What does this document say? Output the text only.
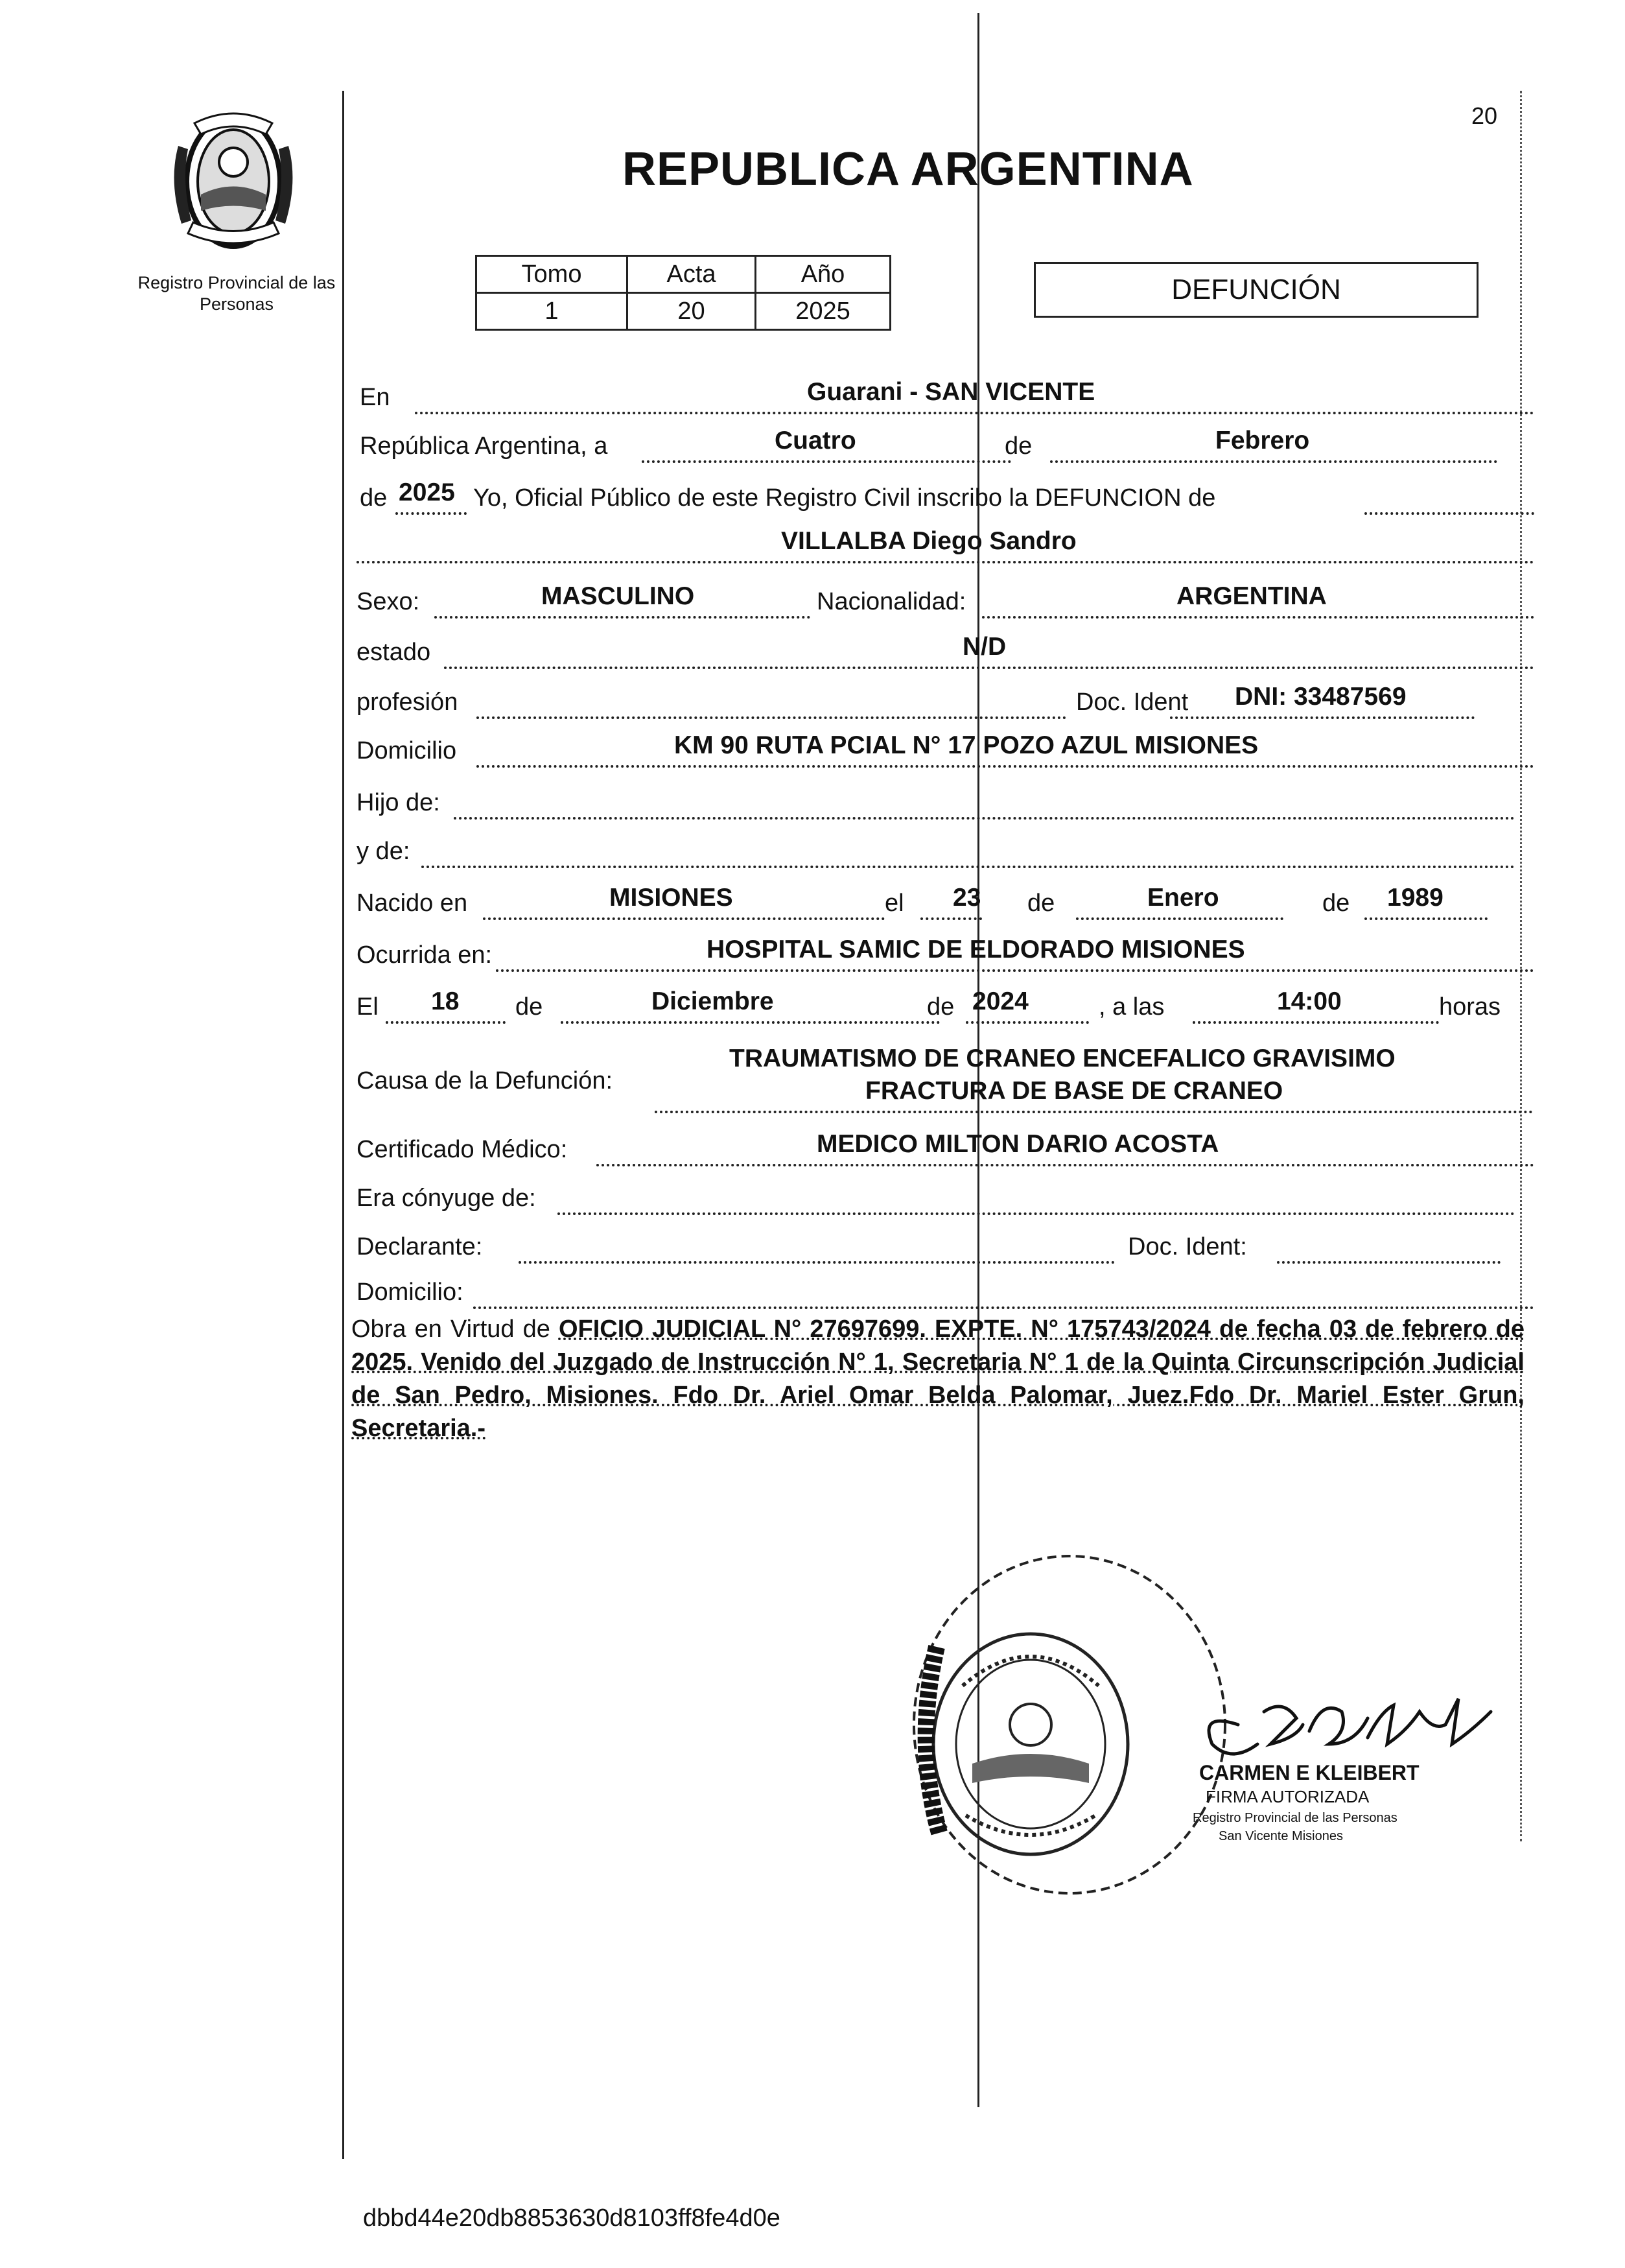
Registro Provincial de las Personas
20
REPUBLICA ARGENTINA
Tomo	Acta	Año
1	20	2025
DEFUNCIÓN
En	Guarani - SAN VICENTE
República Argentina, a	Cuatro	de	Febrero
de 2025 Yo, Oficial Público de este Registro Civil inscribo la DEFUNCION de
VILLALBA Diego Sandro
Sexo:	MASCULINO	Nacionalidad:	ARGENTINA
estado	N/D
profesión	Doc. Ident DNI: 33487569
Domicilio	KM 90 RUTA PCIAL N° 17 POZO AZUL MISIONES
Hijo de:
y de:
Nacido en	MISIONES	el 23 de	Enero	de 1989
Ocurrida en:	HOSPITAL SAMIC DE ELDORADO MISIONES
El 18 de	Diciembre	de 2024	, a las	14:00	horas
Causa de la Defunción:
TRAUMATISMO DE CRANEO ENCEFALICO GRAVISIMO
FRACTURA DE BASE DE CRANEO
Certificado Médico:	MEDICO MILTON DARIO ACOSTA
Era cónyuge de:
Declarante:	Doc. Ident:
Domicilio:
Obra en Virtud de OFICIO JUDICIAL N° 27697699. EXPTE. N° 175743/2024 de fecha 03 de febrero de 2025. Venido del Juzgado de Instrucción N° 1, Secretaria N° 1 de la Quinta Circunscripción Judicial de San Pedro, Misiones. Fdo Dr. Ariel Omar Belda Palomar, Juez.Fdo Dr. Mariel Ester Grun, Secretaria.-
CARMEN E KLEIBERT
FIRMA AUTORIZADA
Registro Provincial de las Personas
San Vicente Misiones
dbbd44e20db8853630d8103ff8fe4d0e
